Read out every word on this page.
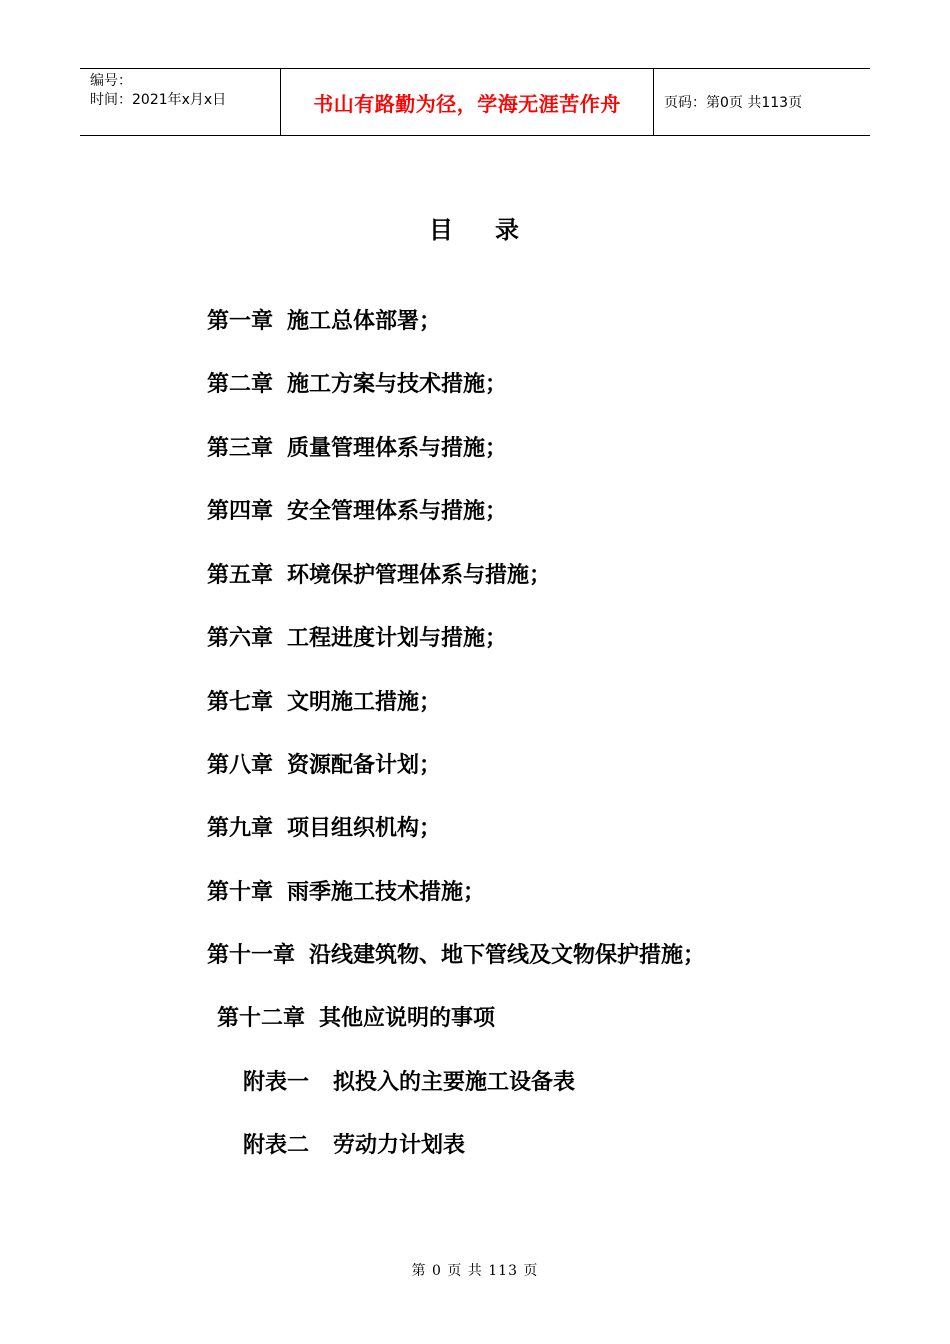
编号：
时间：2021年x月x日	书山有路勤为径，学海无涯苦作舟	页码：第0页 共113页
目 录
第一章 施工总体部署；
第二章 施工方案与技术措施；
第三章 质量管理体系与措施；
第四章 安全管理体系与措施；
第五章 环境保护管理体系与措施；
第六章 工程进度计划与措施；
第七章 文明施工措施；
第八章 资源配备计划；
第九章 项目组织机构；
第十章 雨季施工技术措施；
第十一章 沿线建筑物、地下管线及文物保护措施；
第十二章 其他应说明的事项
附表一 拟投入的主要施工设备表
附表二 劳动力计划表
第 0 页 共 113 页
